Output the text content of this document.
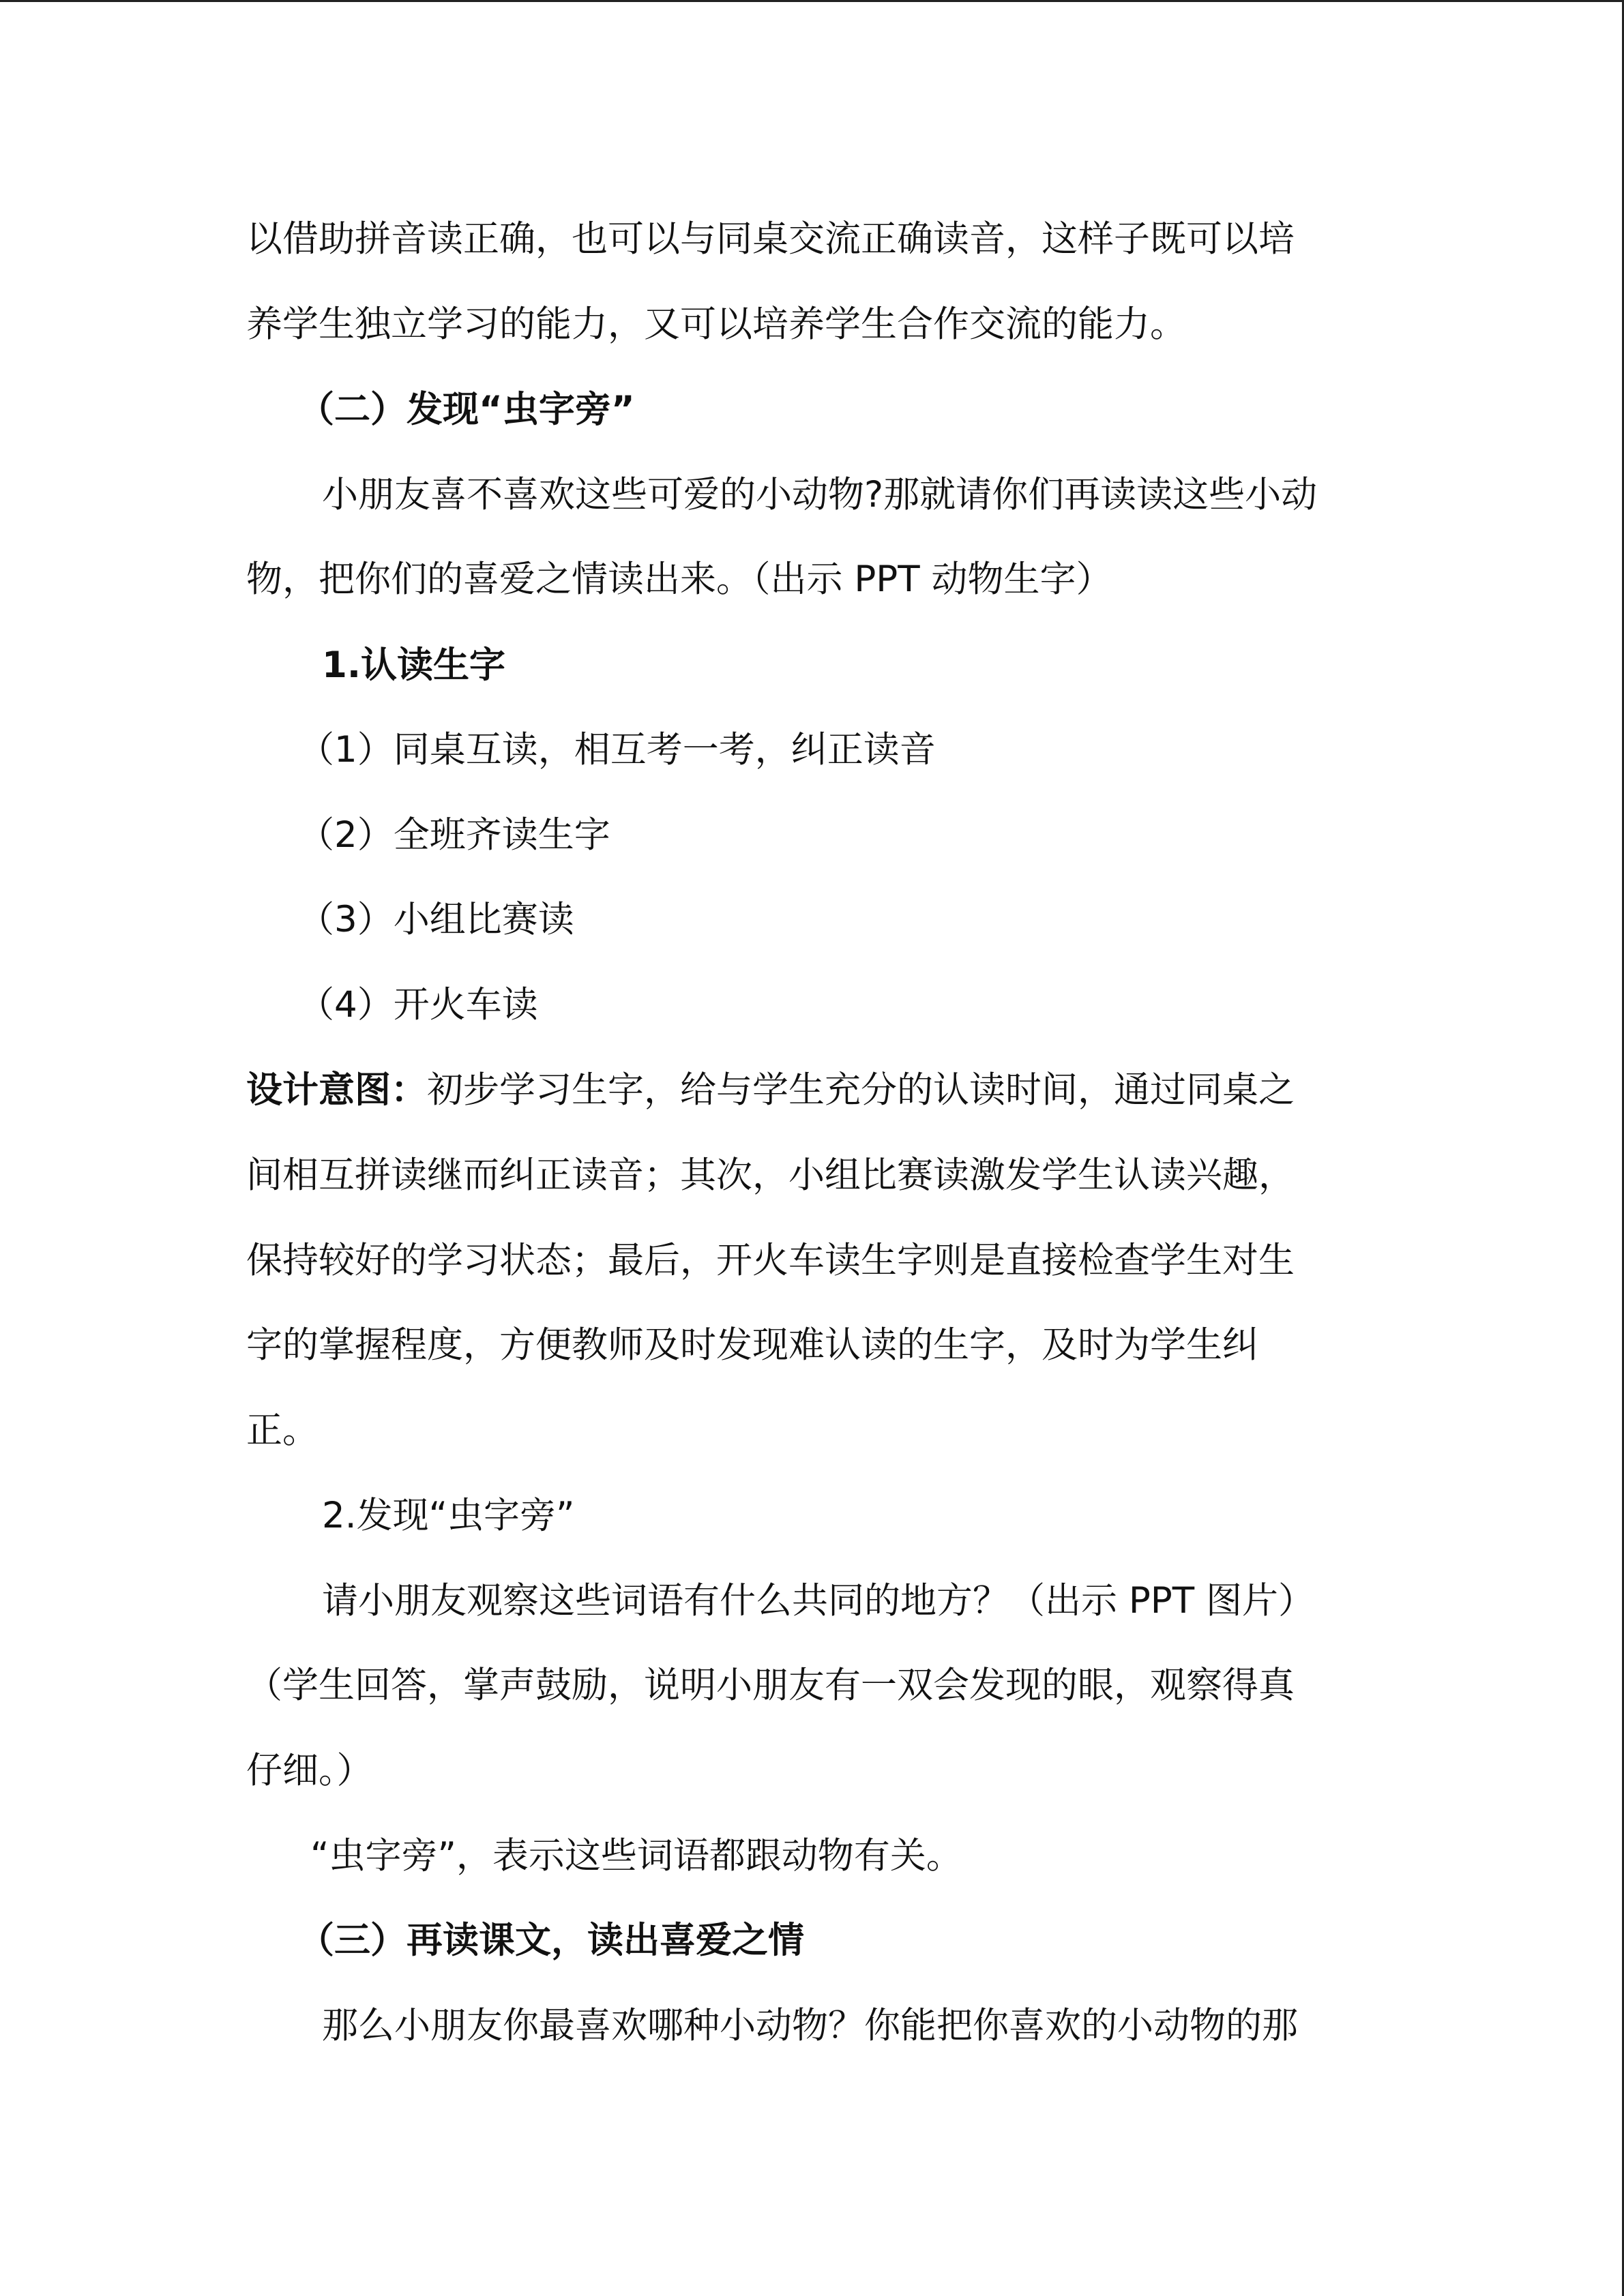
以借助拼音读正确，也可以与同桌交流正确读音，这样子既可以培
养学生独立学习的能力，又可以培养学生合作交流的能力。
（二）发现“虫字旁”
小朋友喜不喜欢这些可爱的小动物?那就请你们再读读这些小动
物，把你们的喜爱之情读出来。（出示 PPT 动物生字）
1.认读生字
（1）同桌互读，相互考一考，纠正读音
（2）全班齐读生字
（3）小组比赛读
（4）开火车读
设计意图：初步学习生字，给与学生充分的认读时间，通过同桌之
间相互拼读继而纠正读音；其次，小组比赛读激发学生认读兴趣，
保持较好的学习状态；最后，开火车读生字则是直接检查学生对生
字的掌握程度，方便教师及时发现难认读的生字，及时为学生纠
正。
2.发现“虫字旁”
请小朋友观察这些词语有什么共同的地方？（出示 PPT 图片）
（学生回答，掌声鼓励，说明小朋友有一双会发现的眼，观察得真
仔细。）
“虫字旁”，表示这些词语都跟动物有关。
（三）再读课文，读出喜爱之情
那么小朋友你最喜欢哪种小动物？你能把你喜欢的小动物的那
